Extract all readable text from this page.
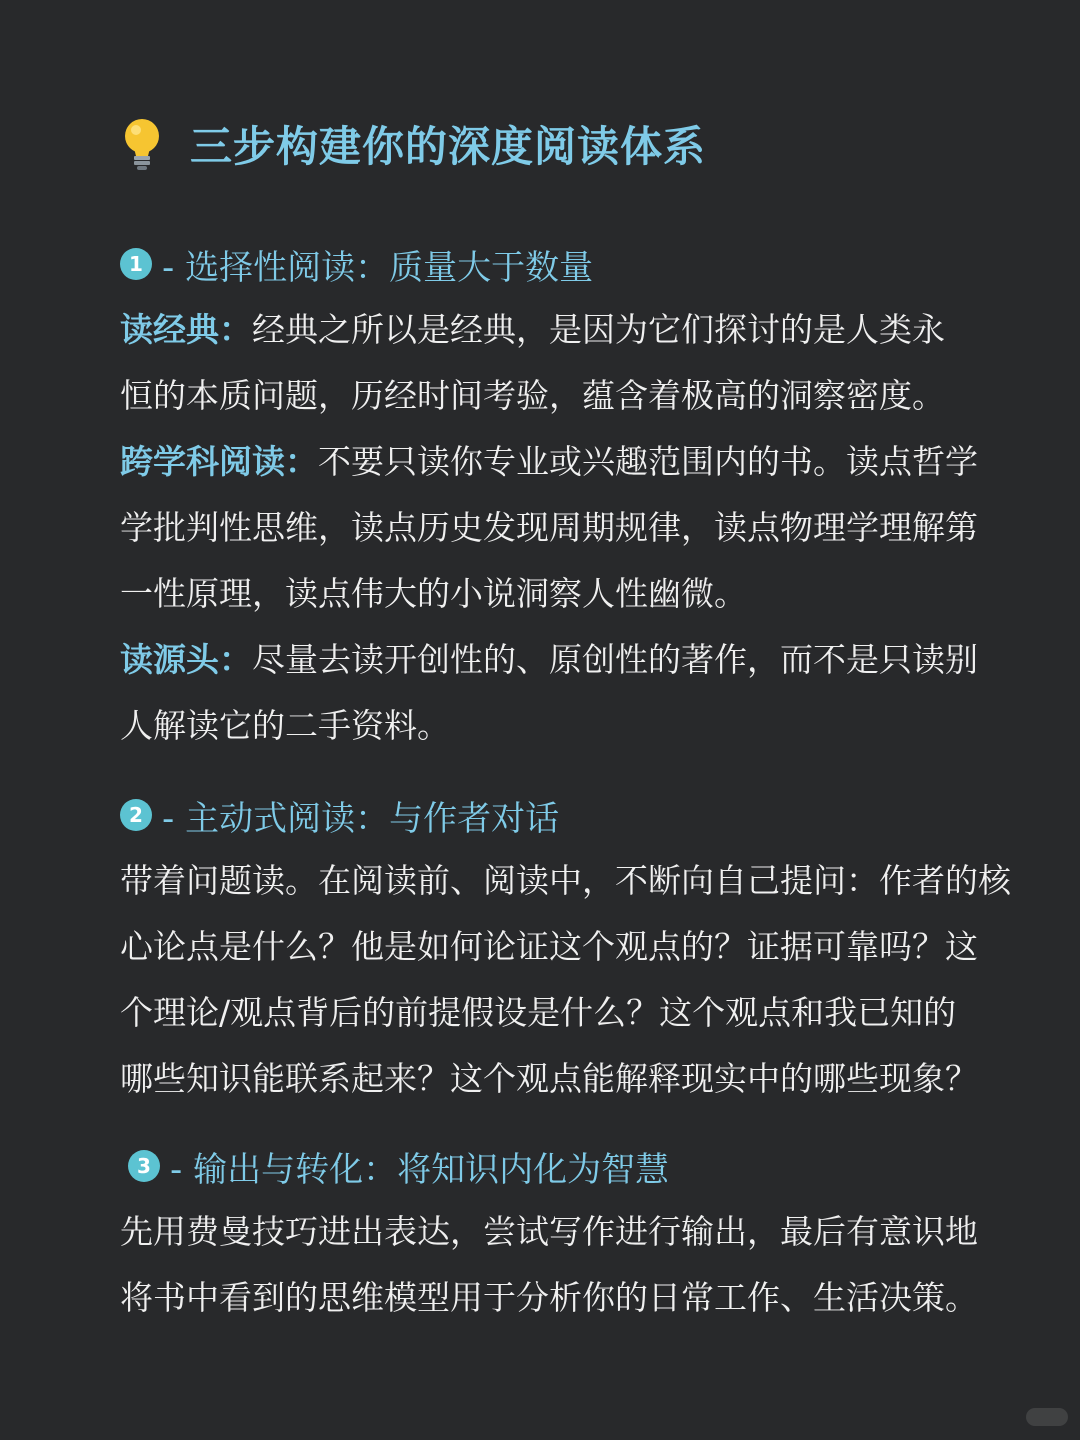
三步构建你的深度阅读体系
1 - 选择性阅读：质量大于数量
读经典：经典之所以是经典，是因为它们探讨的是人类永
恒的本质问题，历经时间考验，蕴含着极高的洞察密度。
跨学科阅读：不要只读你专业或兴趣范围内的书。读点哲学
学批判性思维，读点历史发现周期规律，读点物理学理解第
一性原理，读点伟大的小说洞察人性幽微。
读源头：尽量去读开创性的、原创性的著作，而不是只读别
人解读它的二手资料。
2 - 主动式阅读：与作者对话
带着问题读。在阅读前、阅读中，不断向自己提问：作者的核
心论点是什么？他是如何论证这个观点的？证据可靠吗？这
个理论/观点背后的前提假设是什么？这个观点和我已知的
哪些知识能联系起来？这个观点能解释现实中的哪些现象？
3 - 输出与转化：将知识内化为智慧
先用费曼技巧进出表达，尝试写作进行输出，最后有意识地
将书中看到的思维模型用于分析你的日常工作、生活决策。
